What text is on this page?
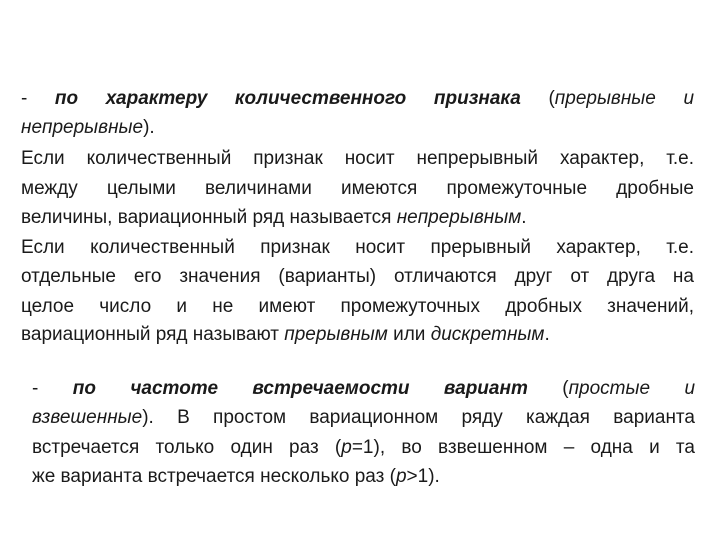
- по характеру количественного признака (прерывные и
непрерывные).
Если количественный признак носит непрерывный характер, т.е.
между целыми величинами имеются промежуточные дробные
величины, вариационный ряд называется непрерывным.
Если количественный признак носит прерывный характер, т.е.
отдельные его значения (варианты) отличаются друг от друга на
целое число и не имеют промежуточных дробных значений,
вариационный ряд называют прерывным или дискретным.
- по частоте встречаемости вариант (простые и
взвешенные). В простом вариационном ряду каждая варианта
встречается только один раз (р=1), во взвешенном – одна и та
же варианта встречается несколько раз (р>1).
